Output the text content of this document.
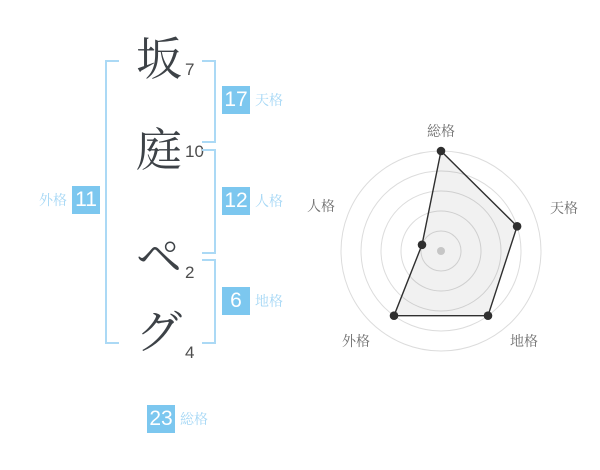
坂
庭
ペ
グ
7
10
2
4
17 天格
12 人格
6 地格
外格 11
23 総格
総格
天格
地格
外格
人格
